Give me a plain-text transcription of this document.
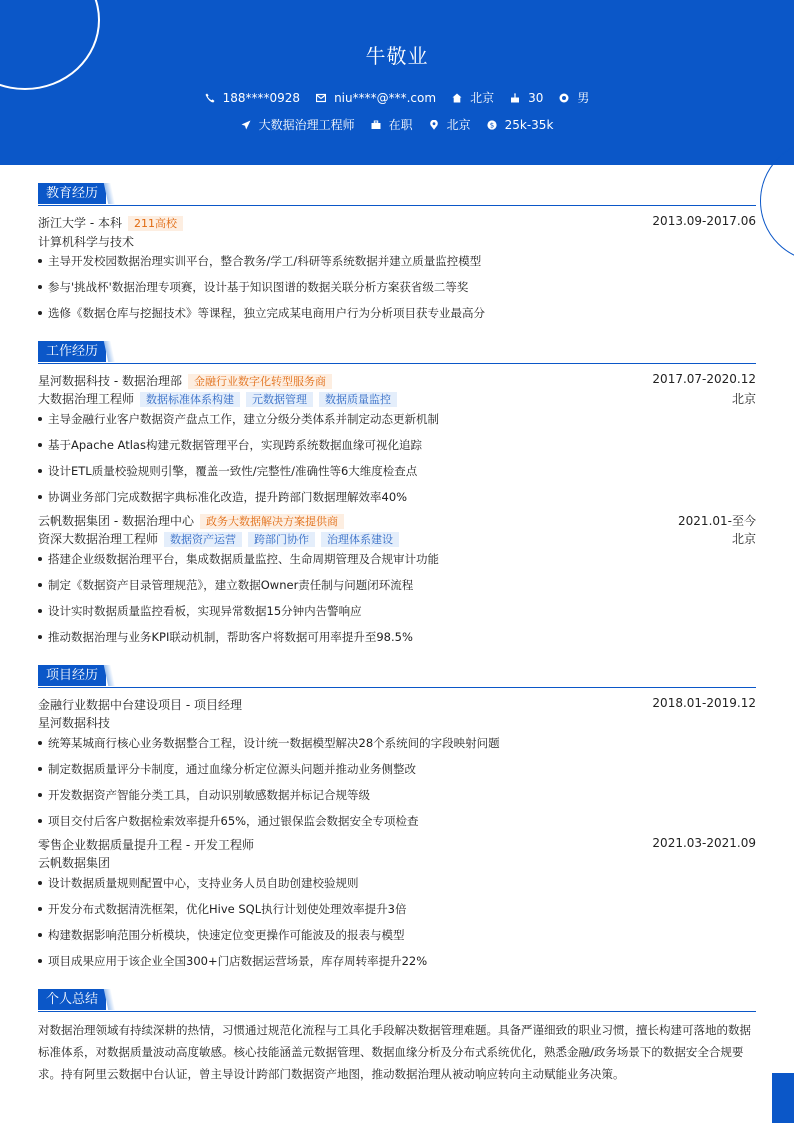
牛敬业
188****0928	niu****@***.com	北京	30	男
大数据治理工程师	在职	北京	$ 25k-35k
教育经历
浙江大学 - 本科 211高校	2013.09-2017.06
计算机科学与技术
主导开发校园数据治理实训平台，整合教务/学工/科研等系统数据并建立质量监控模型
参与'挑战杯'数据治理专项赛，设计基于知识图谱的数据关联分析方案获省级二等奖
选修《数据仓库与挖掘技术》等课程，独立完成某电商用户行为分析项目获专业最高分
工作经历
星河数据科技 - 数据治理部 金融行业数字化转型服务商	2017.07-2020.12
大数据治理工程师 数据标准体系构建 元数据管理 数据质量监控	北京
主导金融行业客户数据资产盘点工作，建立分级分类体系并制定动态更新机制
基于Apache Atlas构建元数据管理平台，实现跨系统数据血缘可视化追踪
设计ETL质量校验规则引擎，覆盖一致性/完整性/准确性等6大维度检查点
协调业务部门完成数据字典标准化改造，提升跨部门数据理解效率40%
云帆数据集团 - 数据治理中心 政务大数据解决方案提供商	2021.01-至今
资深大数据治理工程师 数据资产运营 跨部门协作 治理体系建设	北京
搭建企业级数据治理平台，集成数据质量监控、生命周期管理及合规审计功能
制定《数据资产目录管理规范》，建立数据Owner责任制与问题闭环流程
设计实时数据质量监控看板，实现异常数据15分钟内告警响应
推动数据治理与业务KPI联动机制，帮助客户将数据可用率提升至98.5%
项目经历
金融行业数据中台建设项目 - 项目经理	2018.01-2019.12
星河数据科技
统筹某城商行核心业务数据整合工程，设计统一数据模型解决28个系统间的字段映射问题
制定数据质量评分卡制度，通过血缘分析定位源头问题并推动业务侧整改
开发数据资产智能分类工具，自动识别敏感数据并标记合规等级
项目交付后客户数据检索效率提升65%，通过银保监会数据安全专项检查
零售企业数据质量提升工程 - 开发工程师	2021.03-2021.09
云帆数据集团
设计数据质量规则配置中心，支持业务人员自助创建校验规则
开发分布式数据清洗框架，优化Hive SQL执行计划使处理效率提升3倍
构建数据影响范围分析模块，快速定位变更操作可能波及的报表与模型
项目成果应用于该企业全国300+门店数据运营场景，库存周转率提升22%
个人总结
对数据治理领域有持续深耕的热情，习惯通过规范化流程与工具化手段解决数据管理难题。具备严谨细致的职业习惯，擅长构建可落地的数据标准体系，对数据质量波动高度敏感。核心技能涵盖元数据管理、数据血缘分析及分布式系统优化，熟悉金融/政务场景下的数据安全合规要求。持有阿里云数据中台认证，曾主导设计跨部门数据资产地图，推动数据治理从被动响应转向主动赋能业务决策。
